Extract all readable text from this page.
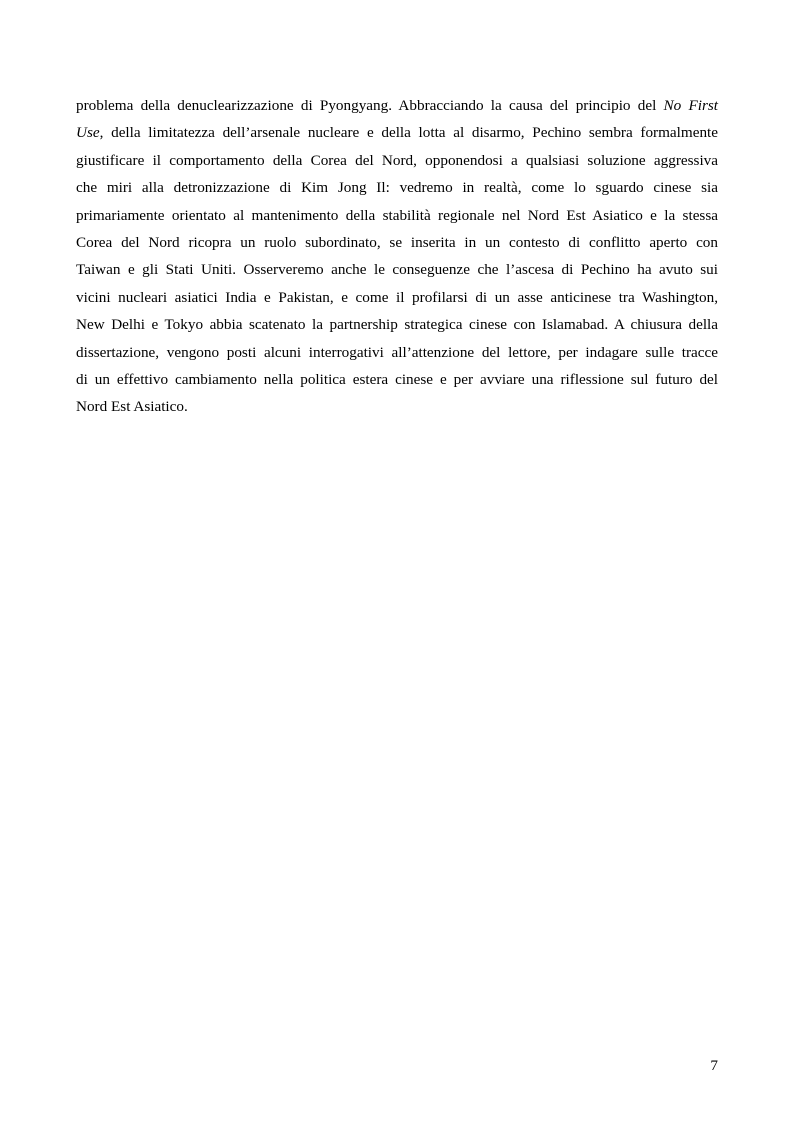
problema della denuclearizzazione di Pyongyang. Abbracciando la causa del principio del No First
Use, della limitatezza dell’arsenale nucleare e della lotta al disarmo, Pechino sembra formalmente
giustificare il comportamento della Corea del Nord, opponendosi a qualsiasi soluzione aggressiva
che miri alla detronizzazione di Kim Jong Il: vedremo in realtà, come lo sguardo cinese sia
primariamente orientato al mantenimento della stabilità regionale nel Nord Est Asiatico e la stessa
Corea del Nord ricopra un ruolo subordinato, se inserita in un contesto di conflitto aperto con
Taiwan e gli Stati Uniti. Osserveremo anche le conseguenze che l’ascesa di Pechino ha avuto sui
vicini nucleari asiatici India e Pakistan, e come il profilarsi di un asse anticinese tra Washington,
New Delhi e Tokyo abbia scatenato la partnership strategica cinese con Islamabad. A chiusura della
dissertazione, vengono posti alcuni interrogativi all’attenzione del lettore, per indagare sulle tracce
di un effettivo cambiamento nella politica estera cinese e per avviare una riflessione sul futuro del
Nord Est Asiatico.
7
